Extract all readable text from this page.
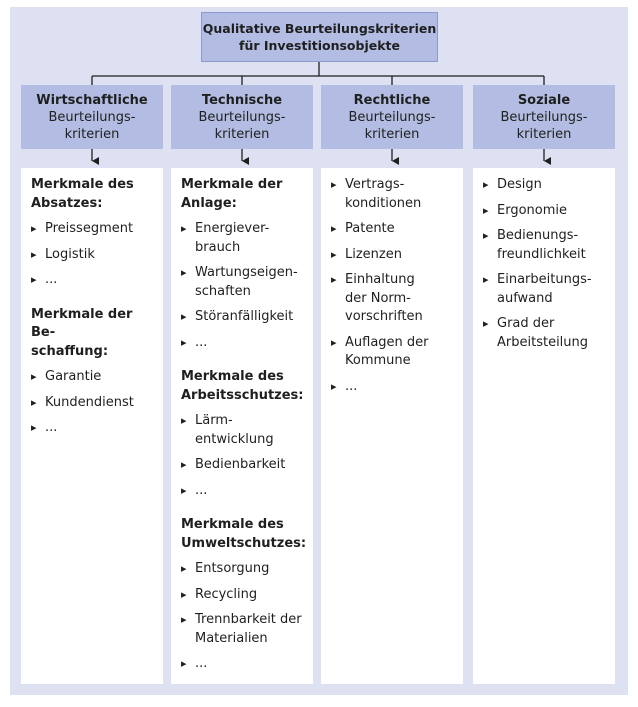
Qualitative Beurteilungskriterien
für Investitionsobjekte
Wirtschaftliche
Beurteilungs-
kriterien
Technische
Beurteilungs-
kriterien
Rechtliche
Beurteilungs-
kriterien
Soziale
Beurteilungs-
kriterien
Merkmale des
Absatzes:
▸ Preissegment
▸ Logistik
▸ ...
Merkmale der Be-
schaffung:
▸ Garantie
▸ Kundendienst
▸ ...
Merkmale der
Anlage:
▸ Energiever-
brauch
▸ Wartungseigen-
schaften
▸ Störanfälligkeit
▸ ...
Merkmale des
Arbeitsschutzes:
▸ Lärm-
entwicklung
▸ Bedienbarkeit
▸ ...
Merkmale des
Umweltschutzes:
▸ Entsorgung
▸ Recycling
▸ Trennbarkeit der
Materialien
▸ ...
▸ Vertrags-
konditionen
▸ Patente
▸ Lizenzen
▸ Einhaltung
der Norm-
vorschriften
▸ Auflagen der
Kommune
▸ ...
▸ Design
▸ Ergonomie
▸ Bedienungs-
freundlichkeit
▸ Einarbeitungs-
aufwand
▸ Grad der
Arbeitsteilung
